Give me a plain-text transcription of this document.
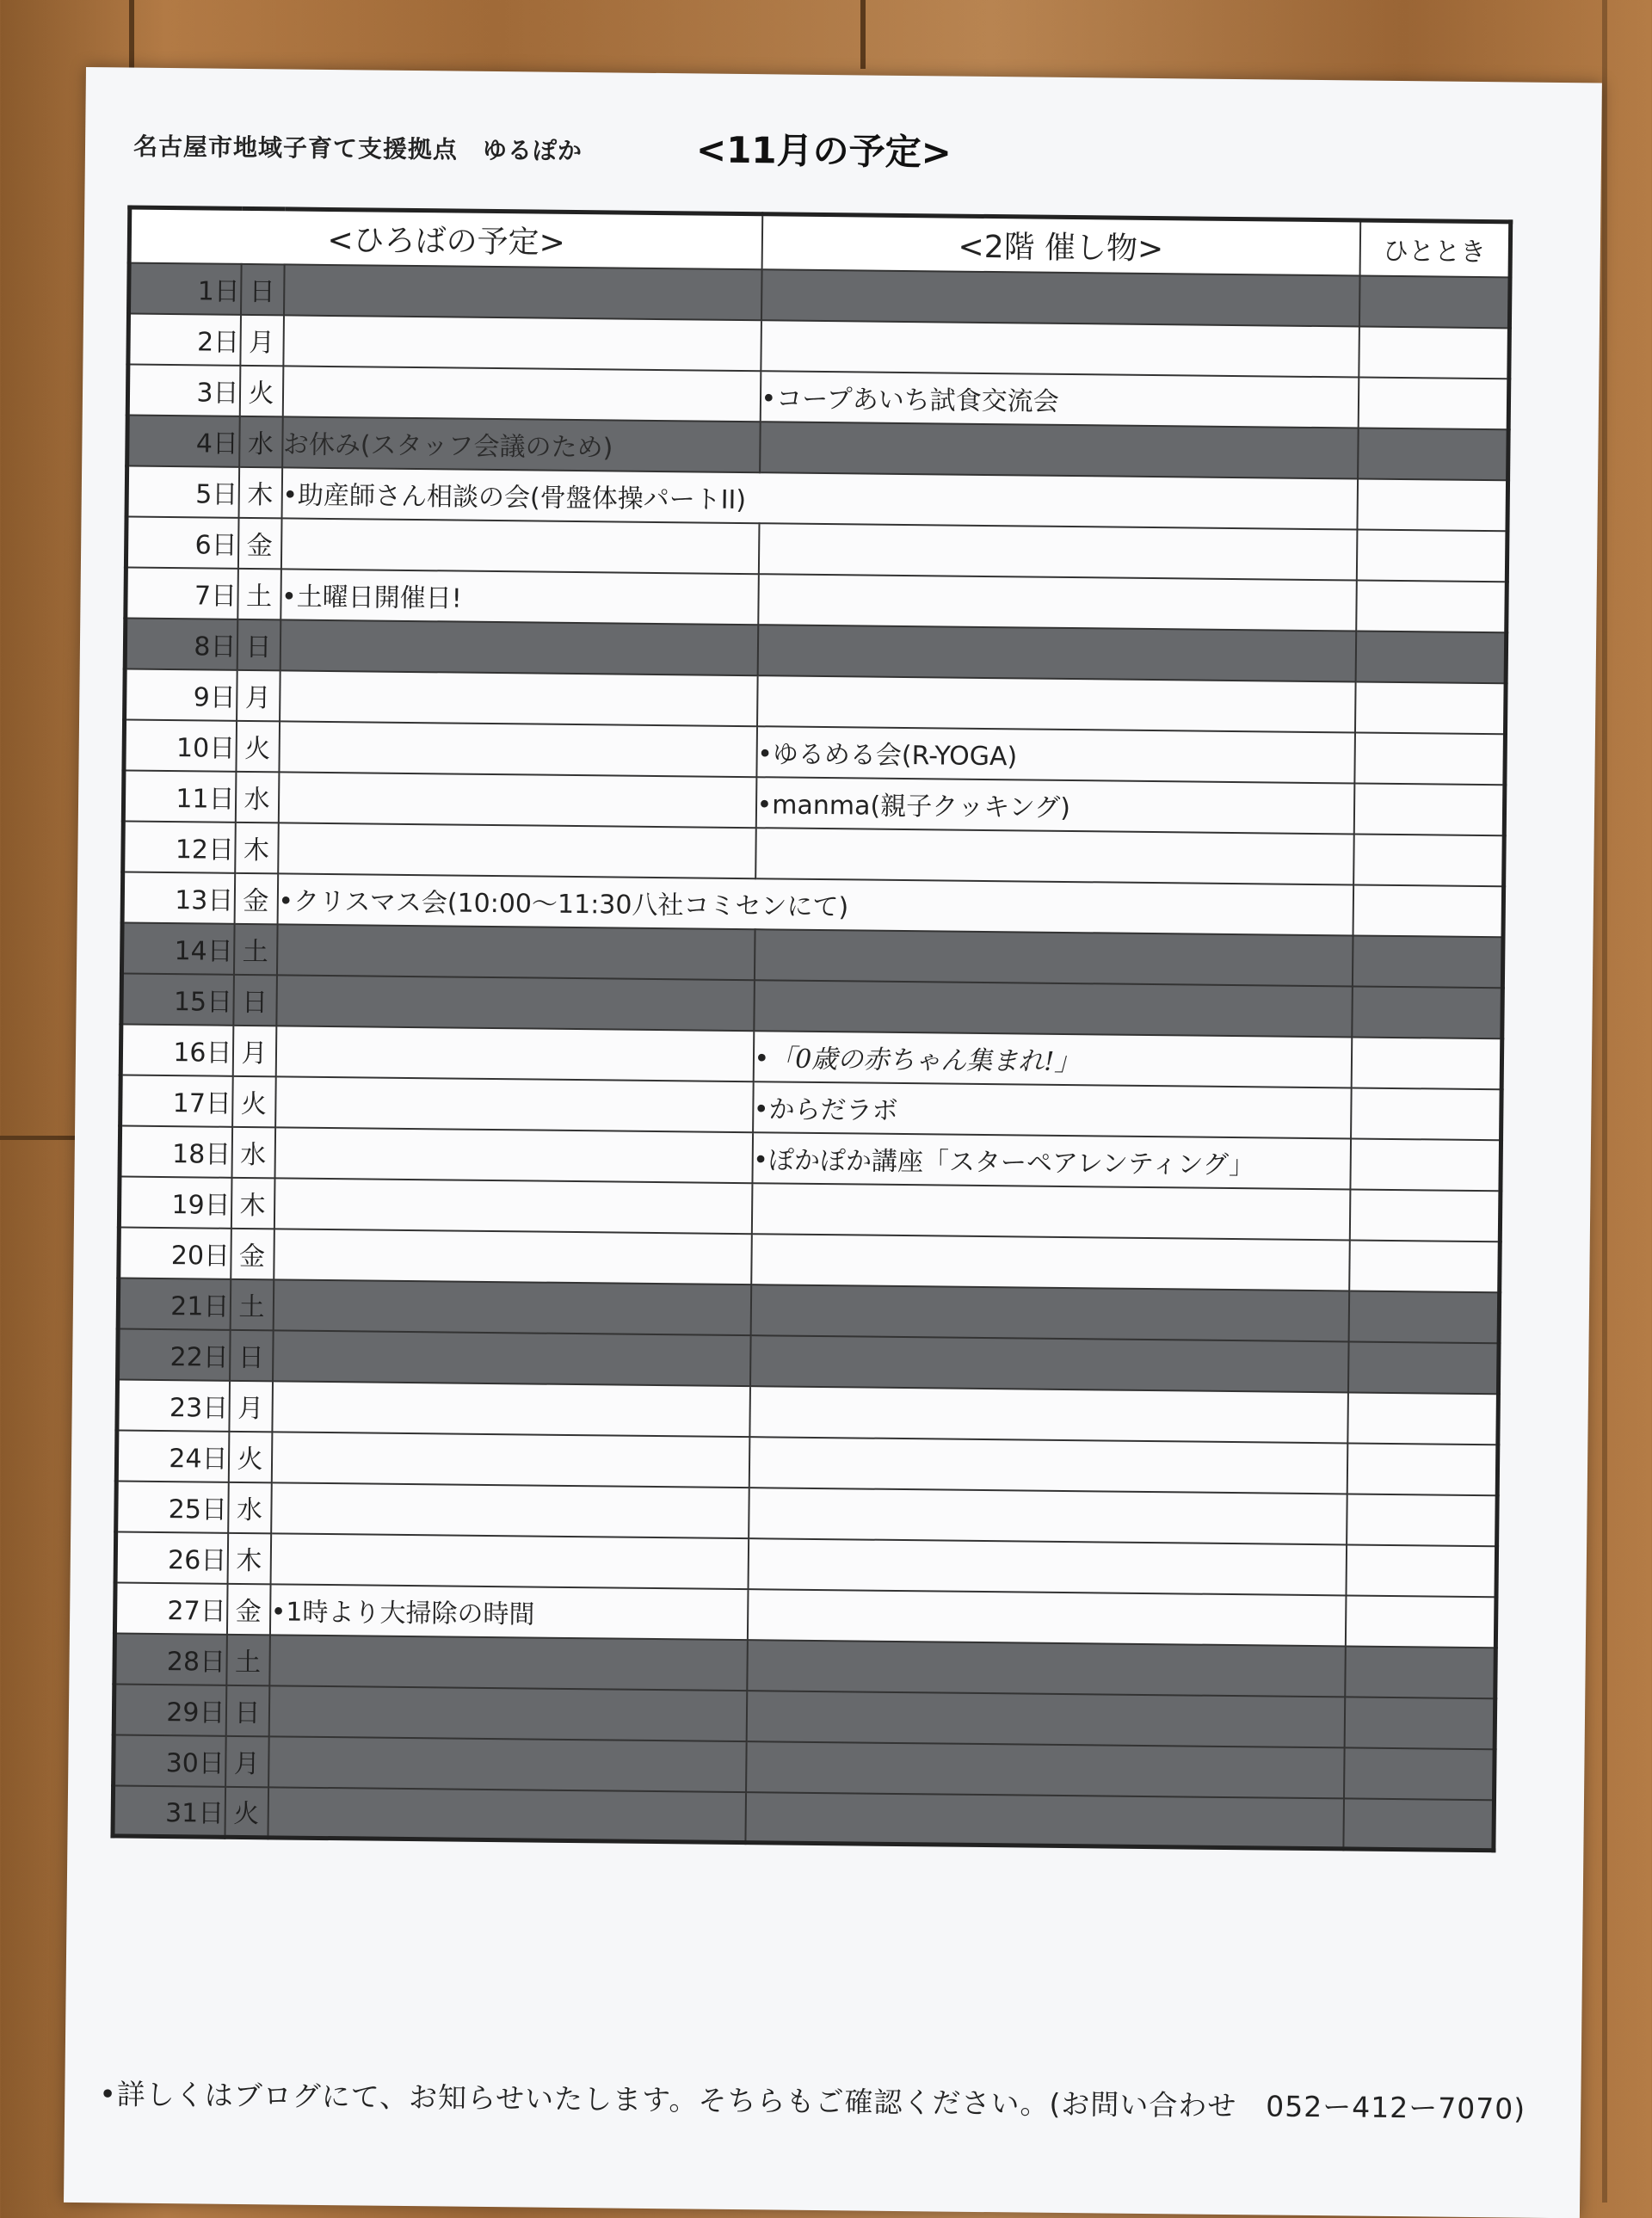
名古屋市地域子育て支援拠点　ゆるぽか	<11月の予定>
<ひろばの予定>			<2階 催し物>	ひととき
1日	日			
2日	月			
3日	火		•コープあいち試食交流会	
4日	水	お休み(スタッフ会議のため)		
5日	木	•助産師さん相談の会(骨盤体操パートII)		
6日	金			
7日	土	•土曜日開催日!		
8日	日			
9日	月			
10日	火		•ゆるめる会(R-YOGA)	
11日	水		•manma(親子クッキング)	
12日	木			
13日	金	•クリスマス会(10:00〜11:30八社コミセンにて)		
14日	土			
15日	日			
16日	月		•「0歳の赤ちゃん集まれ!」	
17日	火		•からだラボ	
18日	水		•ぽかぽか講座「スターペアレンティング」	
19日	木			
20日	金			
21日	土			
22日	日			
23日	月			
24日	火			
25日	水			
26日	木			
27日	金	•1時より大掃除の時間		
28日	土			
29日	日			
30日	月			
31日	火			
•詳しくはブログにて、お知らせいたします。そちらもご確認ください。(お問い合わせ　052ー412ー7070)
